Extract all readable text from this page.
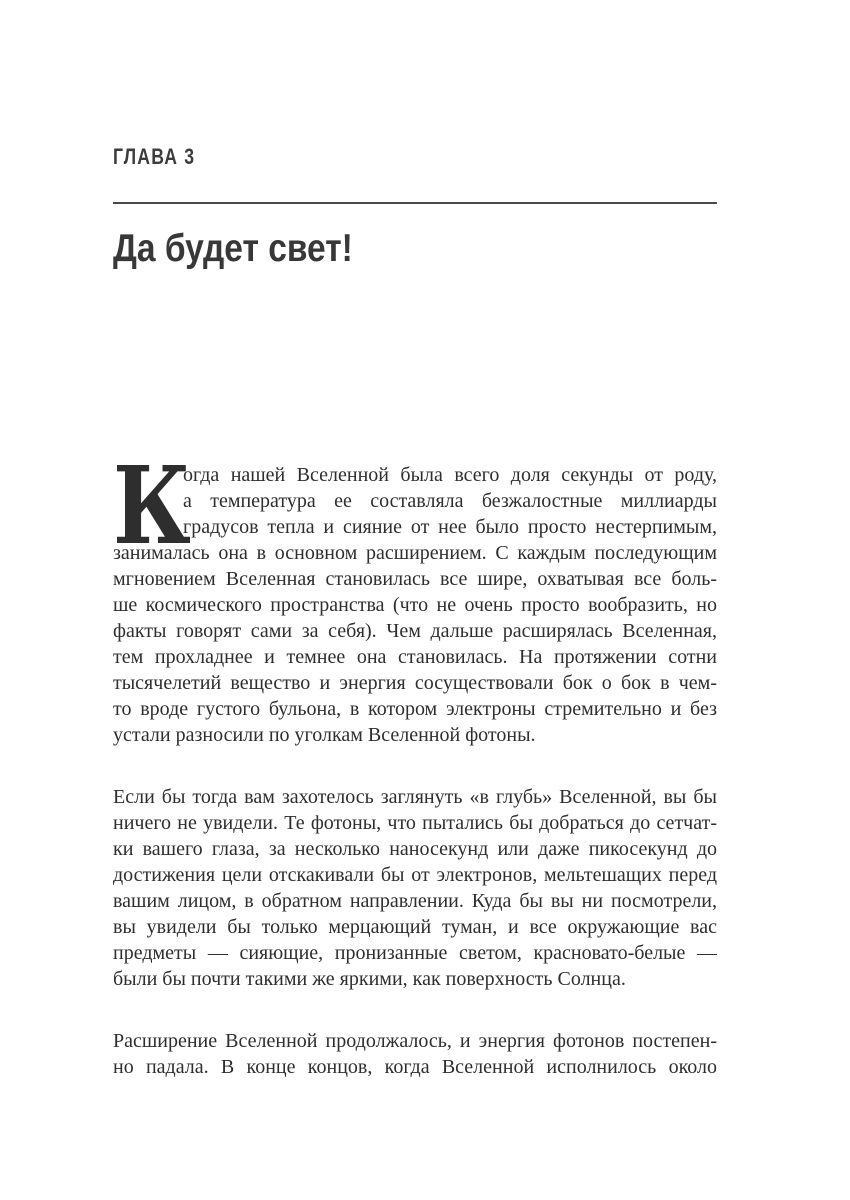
ГЛАВА 3
Да будет свет!
К
огда нашей Вселенной была всего доля секунды от роду,
а температура ее составляла безжалостные миллиарды
градусов тепла и сияние от нее было просто нестерпимым,
занималась она в основном расширением. С каждым последующим
мгновением Вселенная становилась все шире, охватывая все боль-
ше космического пространства (что не очень просто вообразить, но
факты говорят сами за себя). Чем дальше расширялась Вселенная,
тем прохладнее и темнее она становилась. На протяжении сотни
тысячелетий вещество и энергия сосуществовали бок о бок в чем-
то вроде густого бульона, в котором электроны стремительно и без
устали разносили по уголкам Вселенной фотоны.
Если бы тогда вам захотелось заглянуть «в глубь» Вселенной, вы бы
ничего не увидели. Те фотоны, что пытались бы добраться до сетчат-
ки вашего глаза, за несколько наносекунд или даже пикосекунд до
достижения цели отскакивали бы от электронов, мельтешащих перед
вашим лицом, в обратном направлении. Куда бы вы ни посмотрели,
вы увидели бы только мерцающий туман, и все окружающие вас
предметы — сияющие, пронизанные светом, красновато-белые —
были бы почти такими же яркими, как поверхность Солнца.
Расширение Вселенной продолжалось, и энергия фотонов постепен-
но падала. В конце концов, когда Вселенной исполнилось около
